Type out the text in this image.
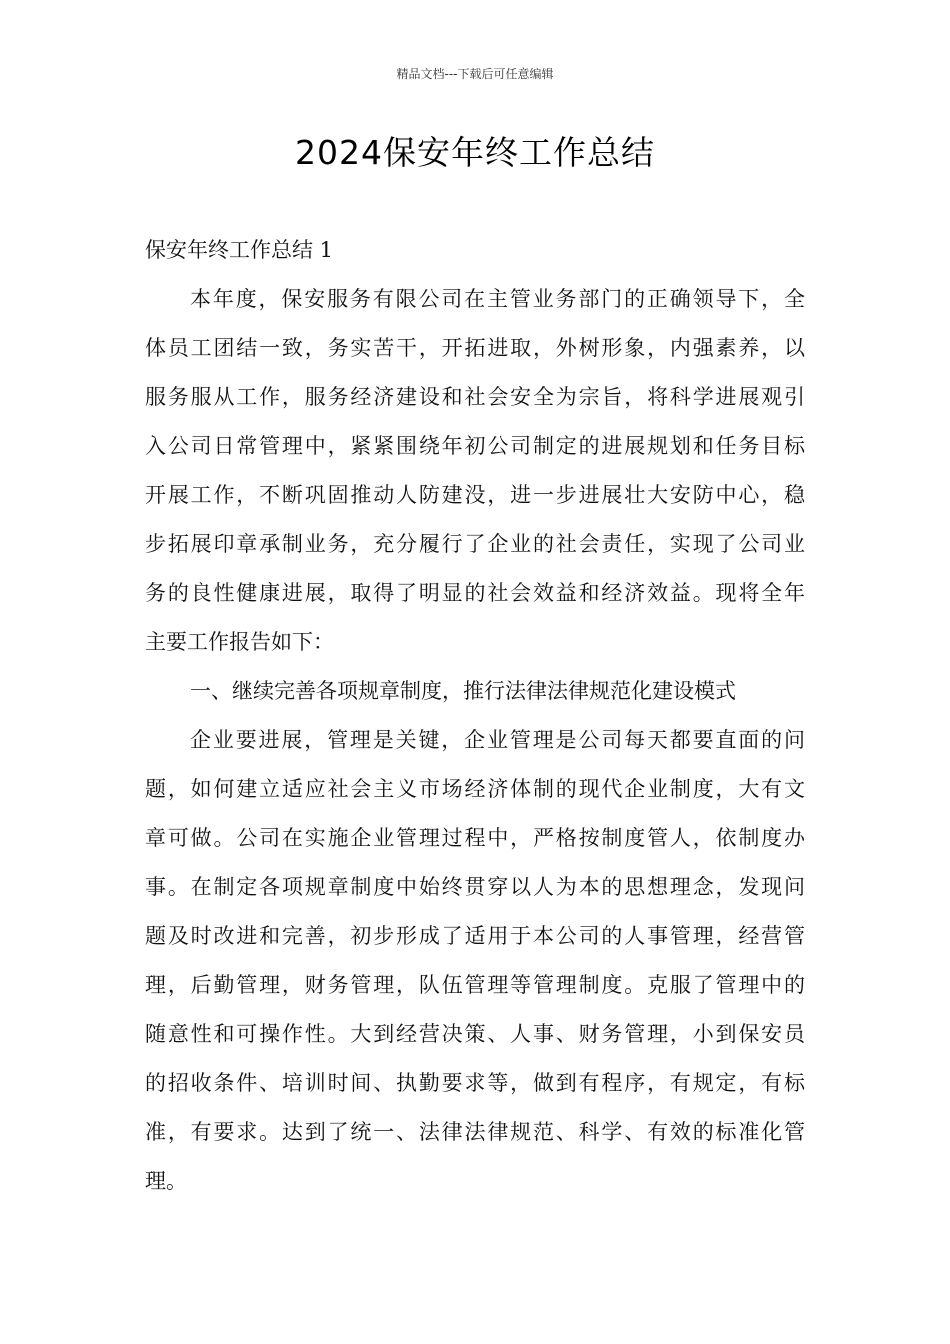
精品文档---下载后可任意编辑
2024保安年终工作总结
保安年终工作总结 1
本年度，保安服务有限公司在主管业务部门的正确领导下，全
体员工团结一致，务实苦干，开拓进取，外树形象，内强素养，以
服务服从工作，服务经济建设和社会安全为宗旨，将科学进展观引
入公司日常管理中，紧紧围绕年初公司制定的进展规划和任务目标
开展工作，不断巩固推动人防建没，进一步进展壮大安防中心，稳
步拓展印章承制业务，充分履行了企业的社会责任，实现了公司业
务的良性健康进展，取得了明显的社会效益和经济效益。现将全年
主要工作报告如下：
一、继续完善各项规章制度，推行法律法律规范化建设模式
企业要进展，管理是关键，企业管理是公司每天都要直面的问
题，如何建立适应社会主义市场经济体制的现代企业制度，大有文
章可做。公司在实施企业管理过程中，严格按制度管人，依制度办
事。在制定各项规章制度中始终贯穿以人为本的思想理念，发现问
题及时改进和完善，初步形成了适用于本公司的人事管理，经营管
理，后勤管理，财务管理，队伍管理等管理制度。克服了管理中的
随意性和可操作性。大到经营决策、人事、财务管理，小到保安员
的招收条件、培训时间、执勤要求等，做到有程序，有规定，有标
准，有要求。达到了统一、法律法律规范、科学、有效的标准化管
理。
